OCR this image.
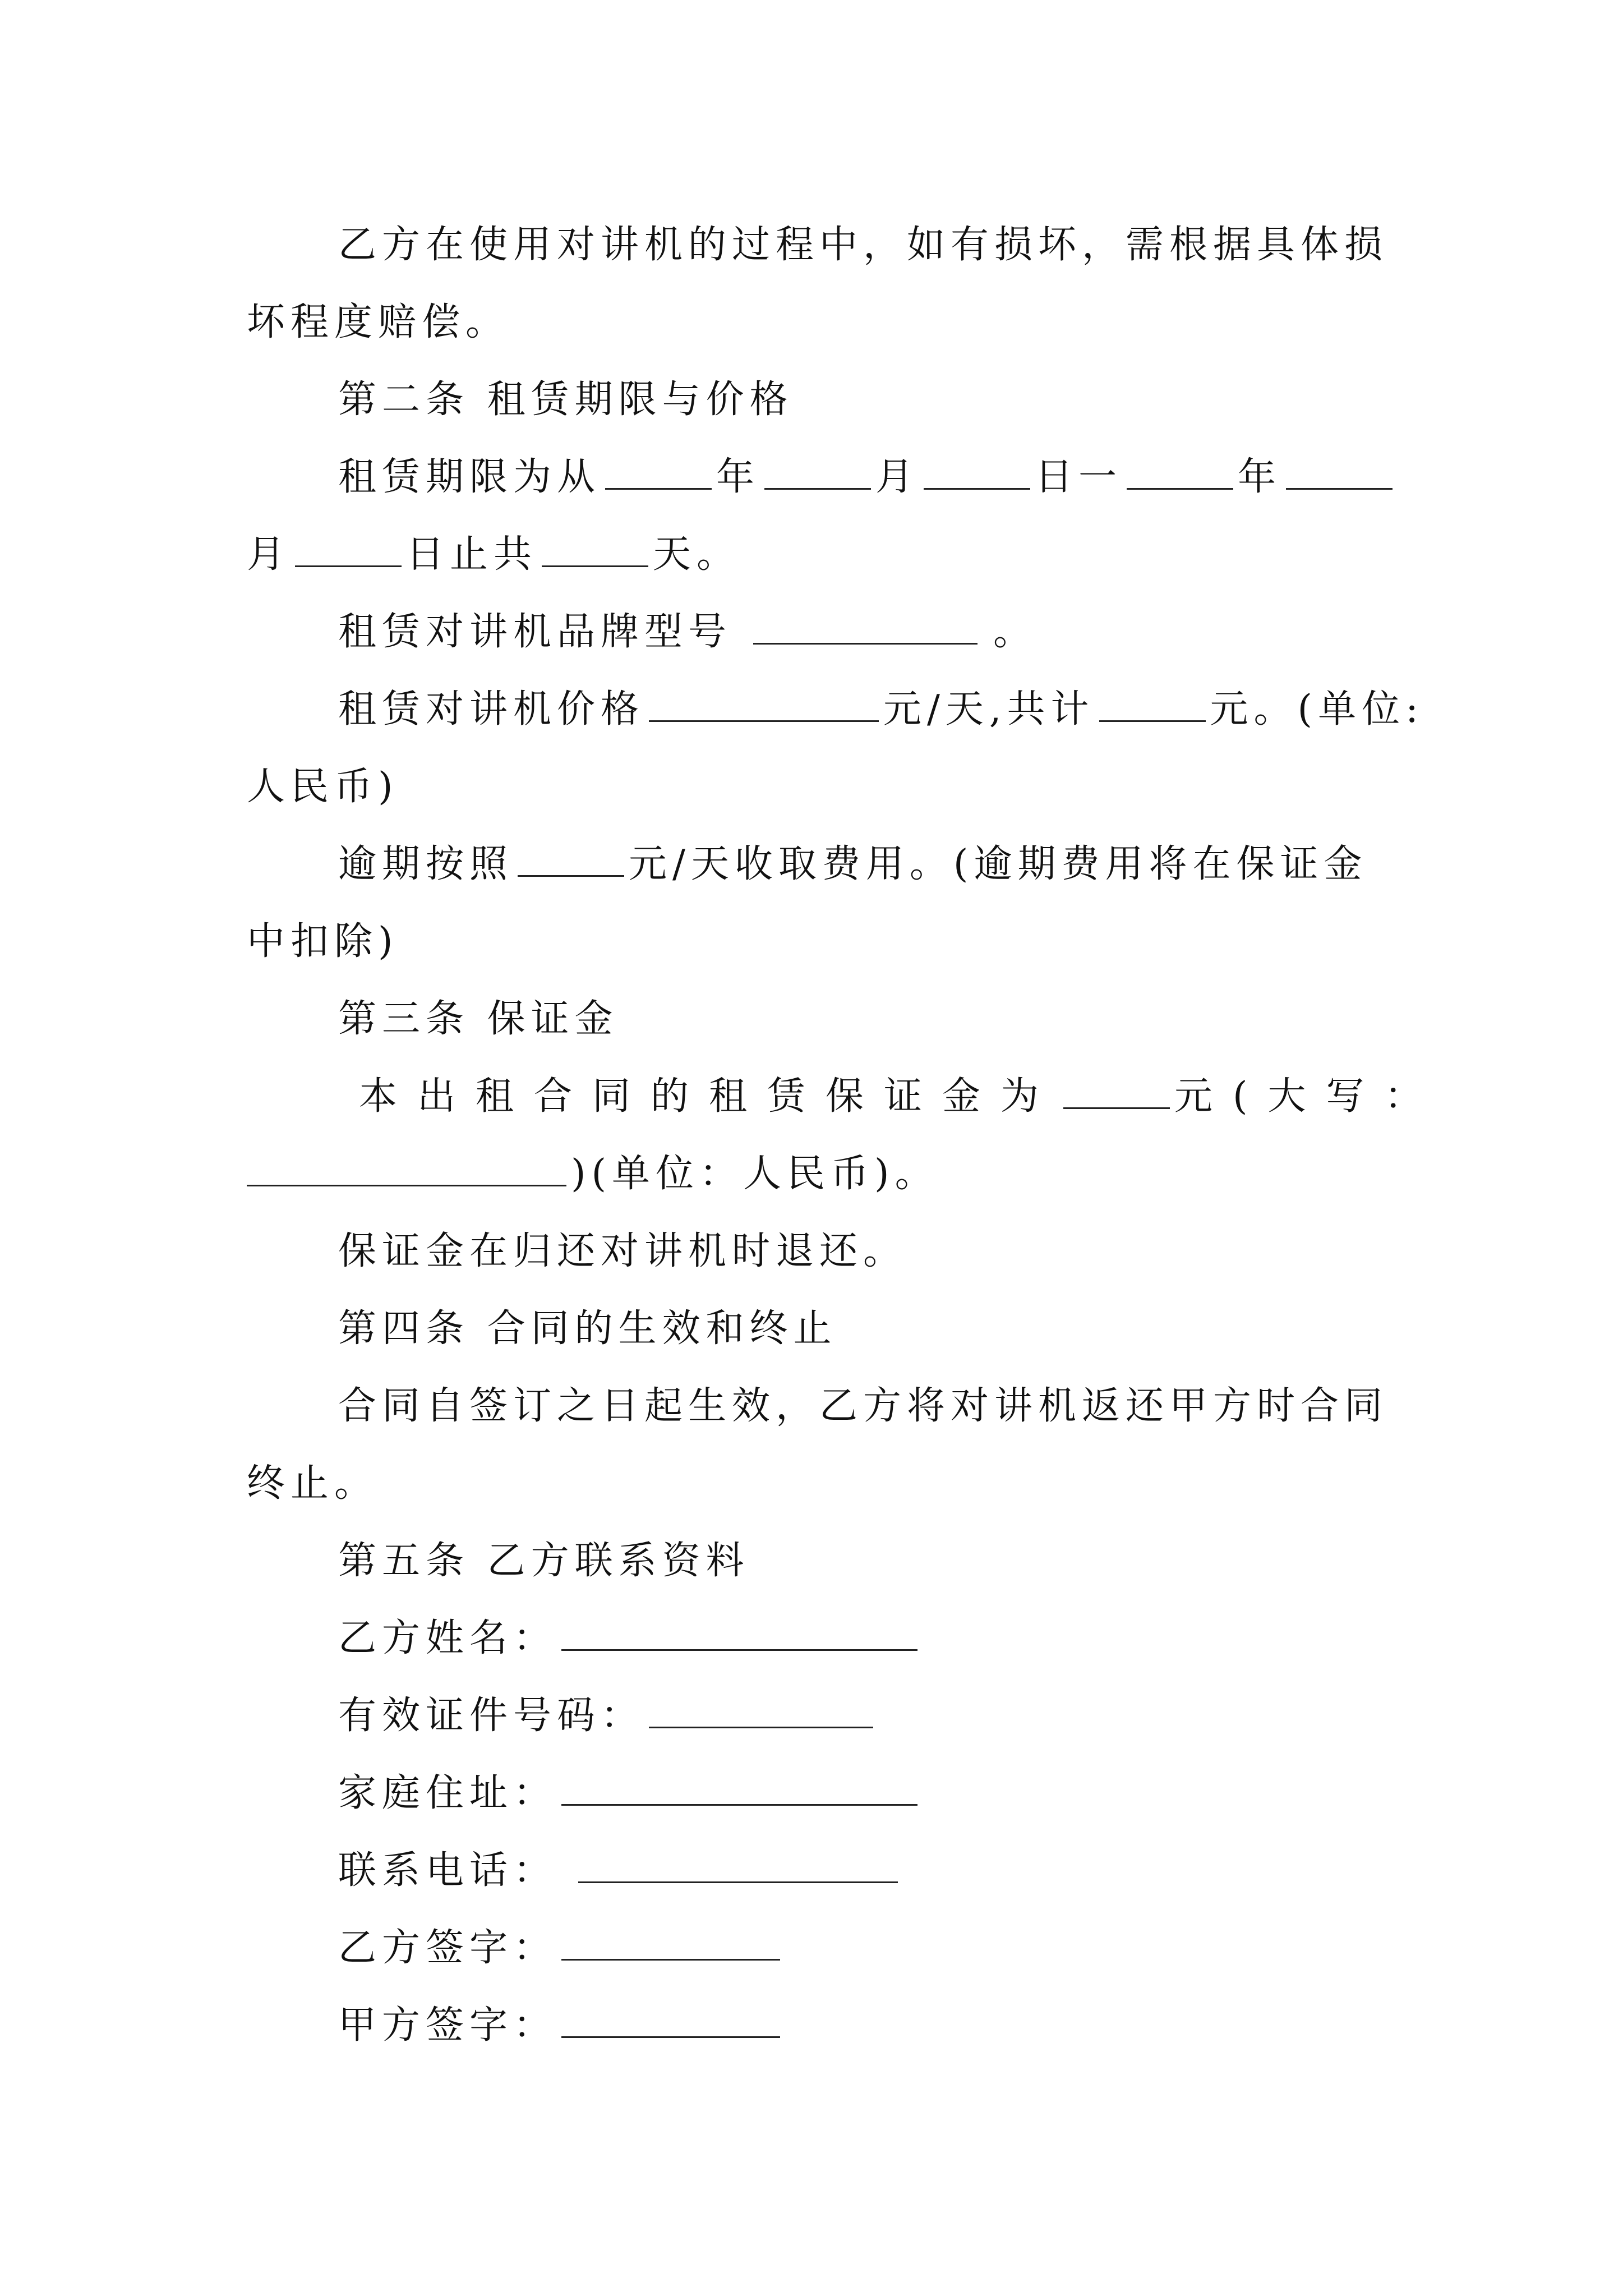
乙方在使用对讲机的过程中，如有损坏，需根据具体损
坏程度赔偿。
第二条 租赁期限与价格
租赁期限为从	年	月	日一	年
月	日止共	天。
租赁对讲机品牌型号	。
租赁对讲机价格	元/天,共计	元。(单位:
人民币)
逾期按照	元/天收取费用。(逾期费用将在保证金
中扣除)
第三条 保证金
本出租合同的租赁保证金为	元(大写：
)(单位：人民币)。
保证金在归还对讲机时退还。
第四条 合同的生效和终止
合同自签订之日起生效，乙方将对讲机返还甲方时合同
终止。
第五条 乙方联系资料
乙方姓名：
有效证件号码：
家庭住址：
联系电话：
乙方签字：
甲方签字：
